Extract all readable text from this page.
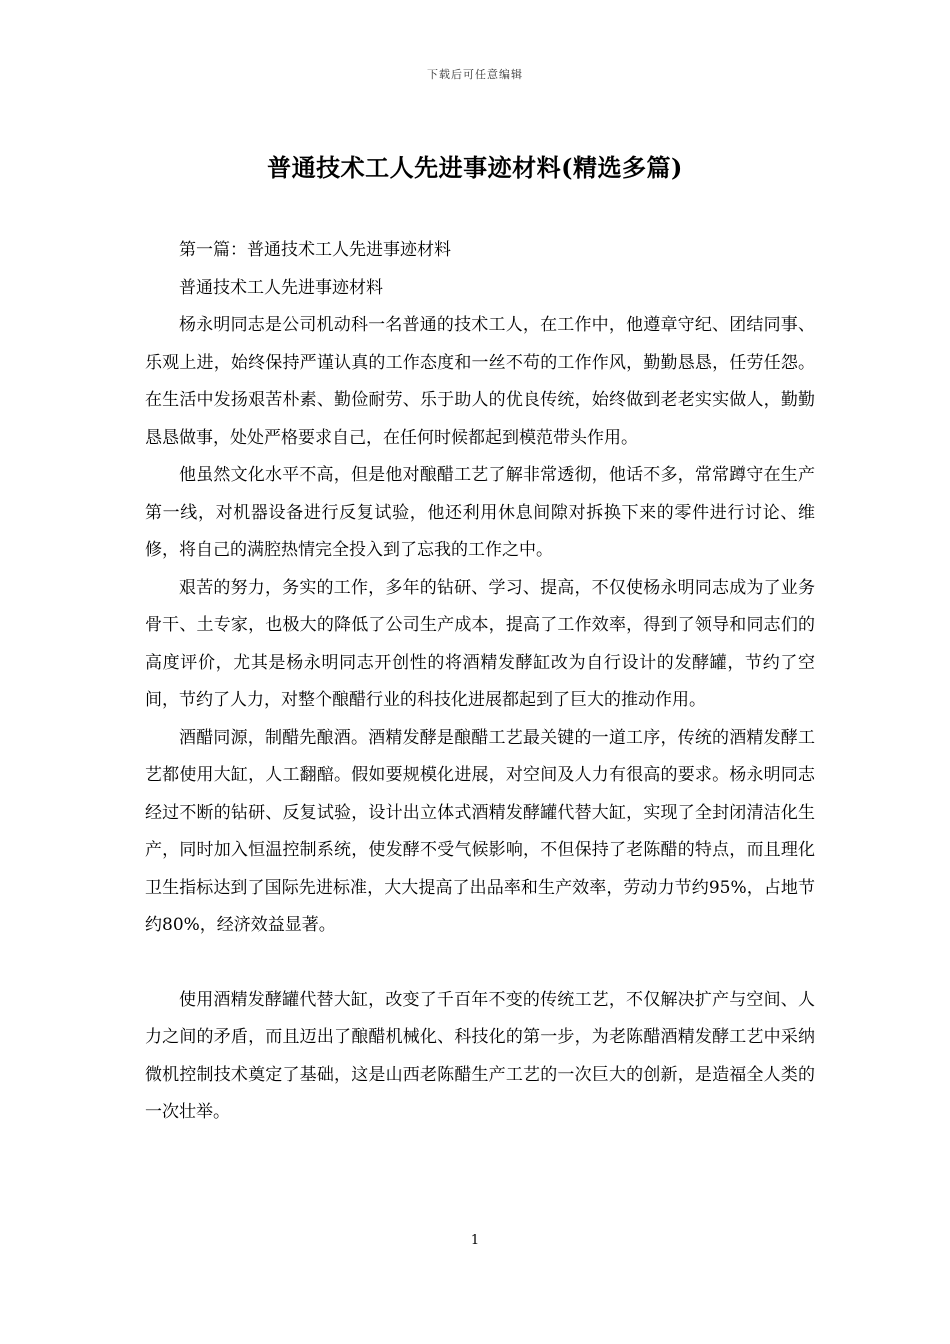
下载后可任意编辑
普通技术工人先进事迹材料(精选多篇)

第一篇：普通技术工人先进事迹材料

普通技术工人先进事迹材料

杨永明同志是公司机动科一名普通的技术工人，在工作中，他遵章守纪、团结同事、乐观上进，始终保持严谨认真的工作态度和一丝不苟的工作作风，勤勤恳恳，任劳任怨。在生活中发扬艰苦朴素、勤俭耐劳、乐于助人的优良传统，始终做到老老实实做人，勤勤恳恳做事，处处严格要求自己，在任何时候都起到模范带头作用。

他虽然文化水平不高，但是他对酿醋工艺了解非常透彻，他话不多，常常蹲守在生产第一线，对机器设备进行反复试验，他还利用休息间隙对拆换下来的零件进行讨论、维修，将自己的满腔热情完全投入到了忘我的工作之中。

艰苦的努力，务实的工作，多年的钻研、学习、提高，不仅使杨永明同志成为了业务骨干、土专家，也极大的降低了公司生产成本，提高了工作效率，得到了领导和同志们的高度评价，尤其是杨永明同志开创性的将酒精发酵缸改为自行设计的发酵罐，节约了空间，节约了人力，对整个酿醋行业的科技化进展都起到了巨大的推动作用。

酒醋同源，制醋先酿酒。酒精发酵是酿醋工艺最关键的一道工序，传统的酒精发酵工艺都使用大缸，人工翻醅。假如要规模化进展，对空间及人力有很高的要求。杨永明同志经过不断的钻研、反复试验，设计出立体式酒精发酵罐代替大缸，实现了全封闭清洁化生产，同时加入恒温控制系统，使发酵不受气候影响，不但保持了老陈醋的特点，而且理化卫生指标达到了国际先进标准，大大提高了出品率和生产效率，劳动力节约95%，占地节约80%，经济效益显著。

使用酒精发酵罐代替大缸，改变了千百年不变的传统工艺，不仅解决扩产与空间、人力之间的矛盾，而且迈出了酿醋机械化、科技化的第一步，为老陈醋酒精发酵工艺中采纳微机控制技术奠定了基础，这是山西老陈醋生产工艺的一次巨大的创新，是造福全人类的一次壮举。

1
